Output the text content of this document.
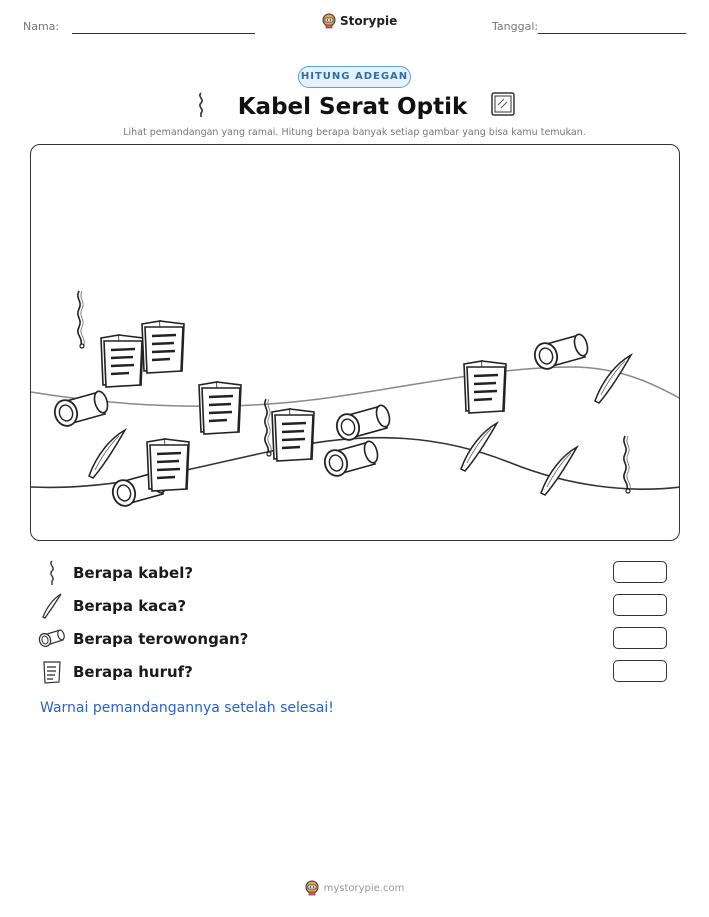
Nama:	Storypie	Tanggal:
HITUNG ADEGAN
Kabel Serat Optik
Lihat pemandangan yang ramai. Hitung berapa banyak setiap gambar yang bisa kamu temukan.
Berapa kabel?
Berapa kaca?
Berapa terowongan?
Berapa huruf?
Warnai pemandangannya setelah selesai!
mystorypie.com
